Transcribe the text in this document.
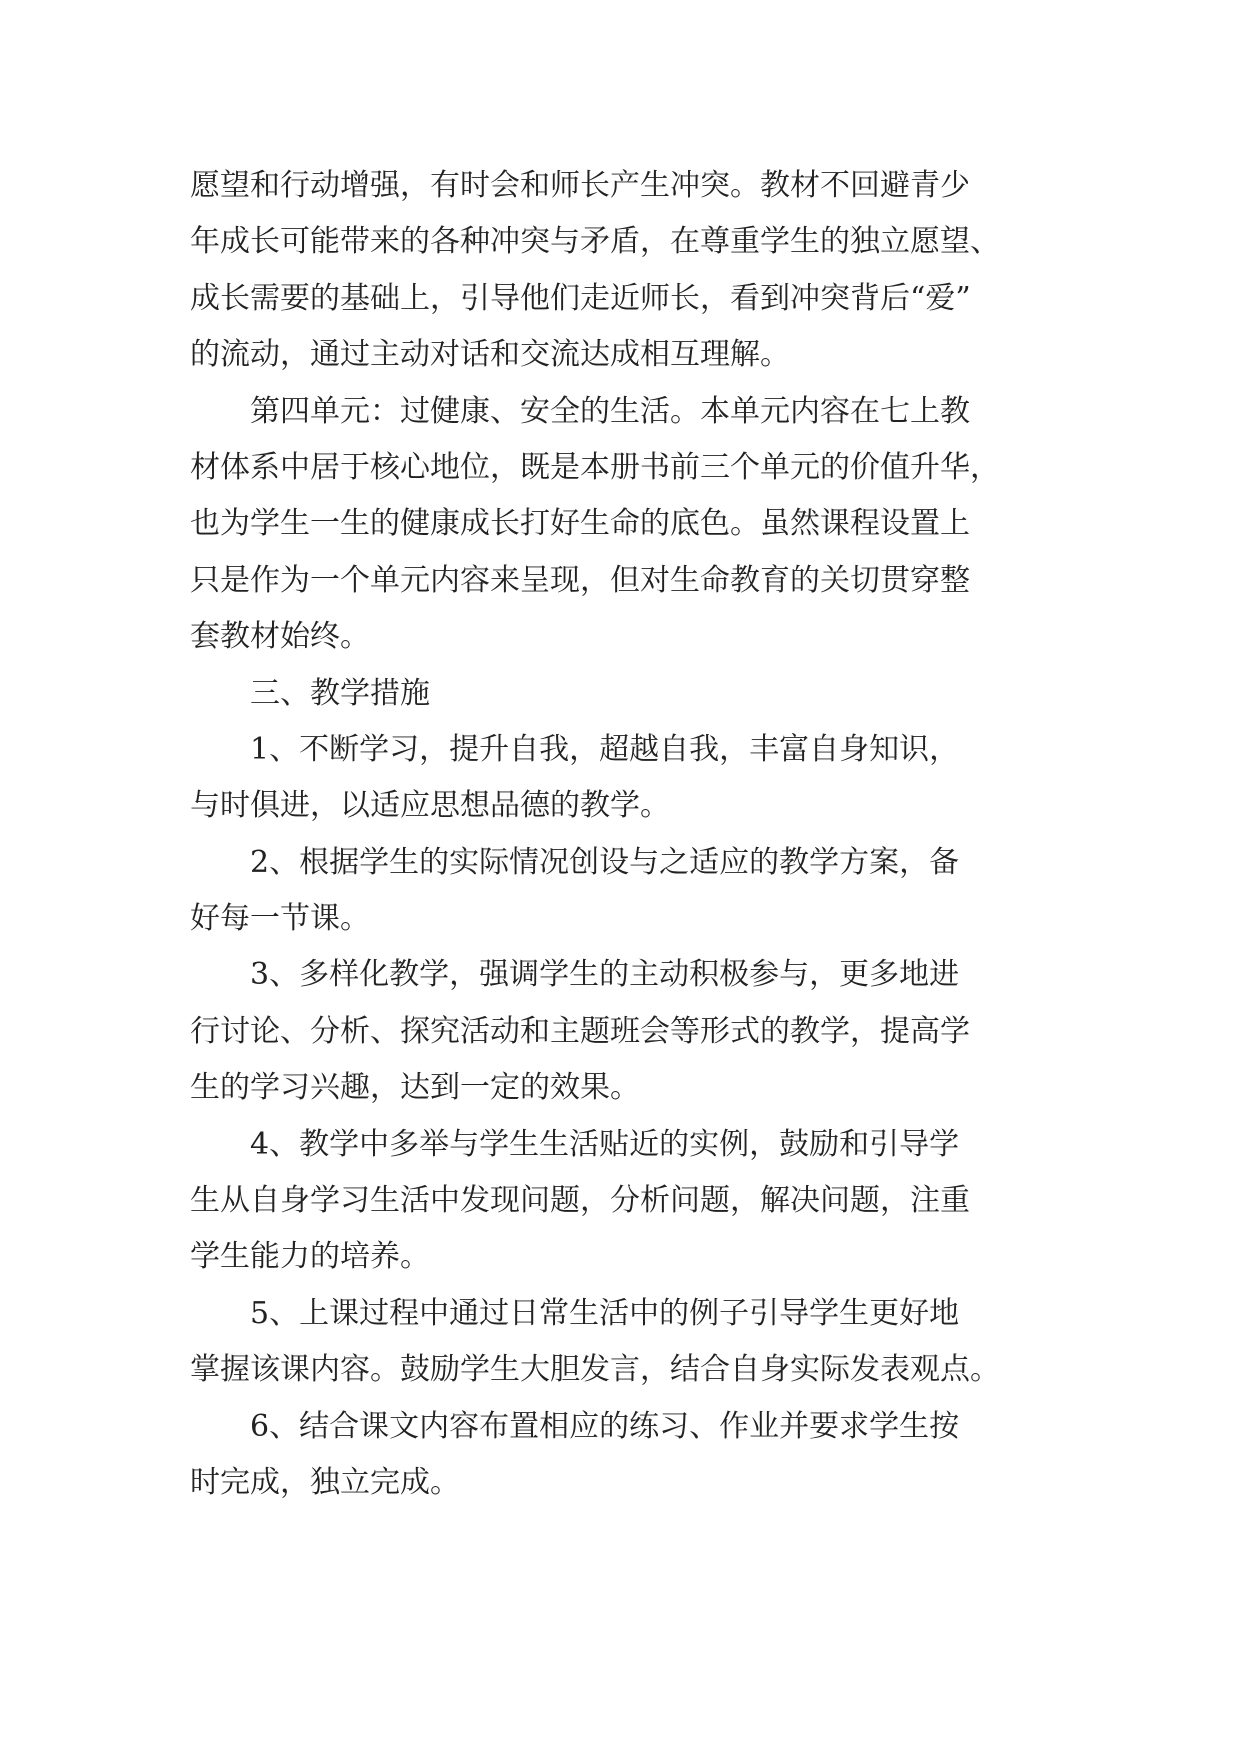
愿望和行动增强，有时会和师长产生冲突。教材不回避青少
年成长可能带来的各种冲突与矛盾，在尊重学生的独立愿望、
成长需要的基础上，引导他们走近师长，看到冲突背后“爱”
的流动，通过主动对话和交流达成相互理解。
第四单元：过健康、安全的生活。本单元内容在七上教
材体系中居于核心地位，既是本册书前三个单元的价值升华，
也为学生一生的健康成长打好生命的底色。虽然课程设置上
只是作为一个单元内容来呈现，但对生命教育的关切贯穿整
套教材始终。
三、教学措施
1、不断学习，提升自我，超越自我，丰富自身知识，
与时俱进，以适应思想品德的教学。
2、根据学生的实际情况创设与之适应的教学方案，备
好每一节课。
3、多样化教学，强调学生的主动积极参与，更多地进
行讨论、分析、探究活动和主题班会等形式的教学，提高学
生的学习兴趣，达到一定的效果。
4、教学中多举与学生生活贴近的实例，鼓励和引导学
生从自身学习生活中发现问题，分析问题，解决问题，注重
学生能力的培养。
5、上课过程中通过日常生活中的例子引导学生更好地
掌握该课内容。鼓励学生大胆发言，结合自身实际发表观点。
6、结合课文内容布置相应的练习、作业并要求学生按
时完成，独立完成。
